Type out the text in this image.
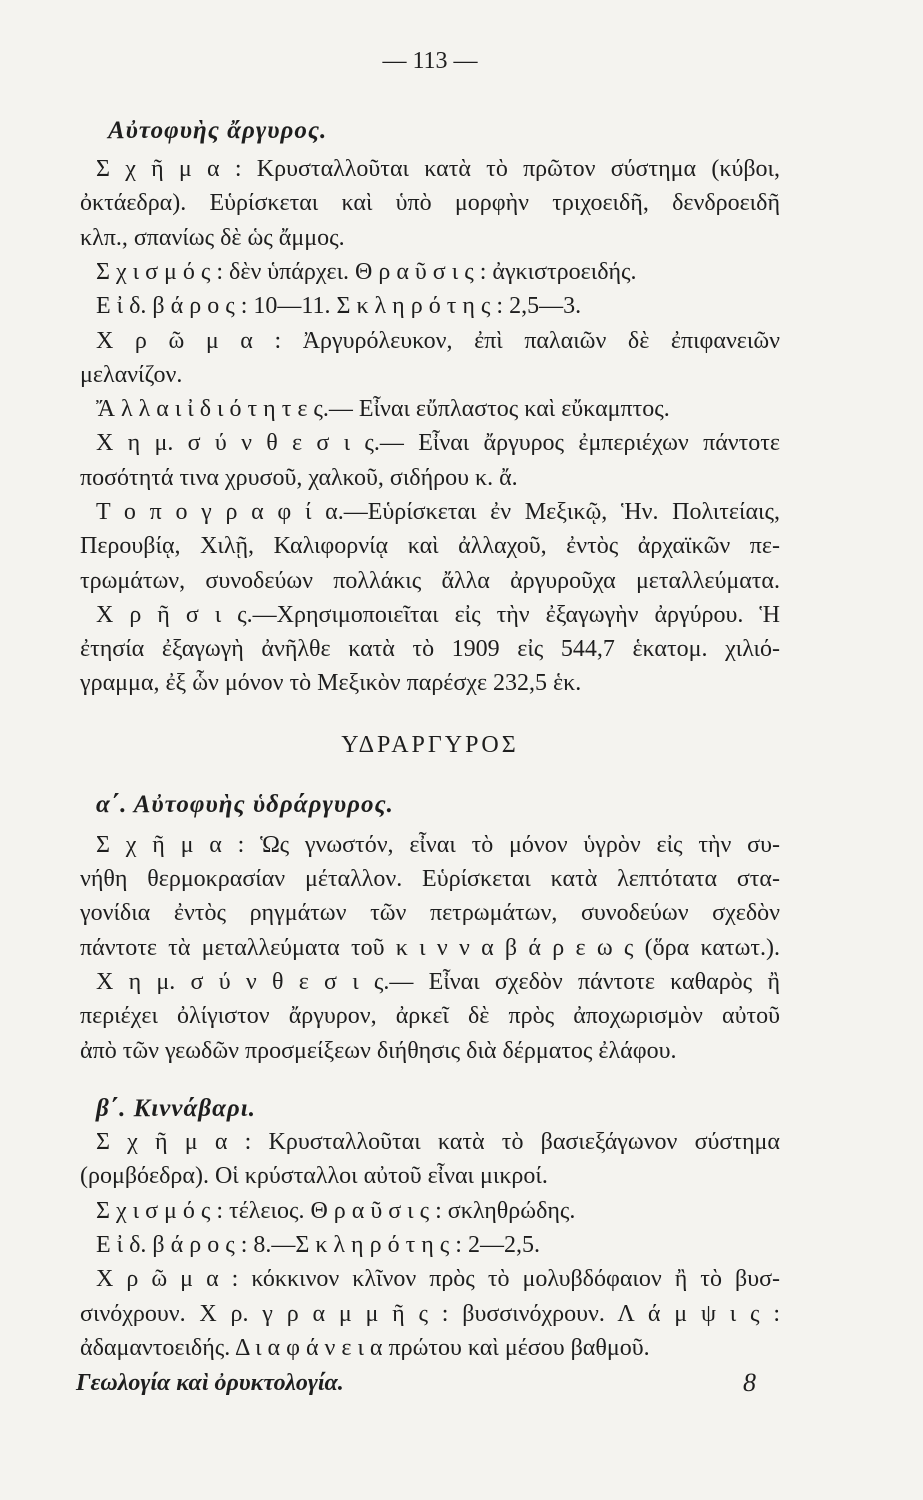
— 113 —
Αὐτοφυὴς ἄργυρος.
Σ χ ῆ μ α : Κρυσταλλοῦται κατὰ τὸ πρῶτον σύστημα (κύβοι,
ὀκτάεδρα). Εὑρίσκεται καὶ ὑπὸ μορφὴν τριχοειδῆ, δενδροειδῆ
κλπ., σπανίως δὲ ὡς ἄμμος.
Σ χ ι σ μ ό ς : δὲν ὑπάρχει. Θ ρ α ῦ σ ι ς : ἀγκιστροειδής.
Ε ἰ δ. β ά ρ ο ς : 10—11. Σ κ λ η ρ ό τ η ς : 2,5—3.
Χ ρ ῶ μ α : Ἀργυρόλευκον, ἐπὶ παλαιῶν δὲ ἐπιφανειῶν
μελανίζον.
Ἄ λ λ α ι ἰ δ ι ό τ η τ ε ς.— Εἶναι εὔπλαστος καὶ εὔκαμπτος.
Χ η μ. σ ύ ν θ ε σ ι ς.— Εἶναι ἄργυρος ἐμπεριέχων πάντοτε
ποσότητά τινα χρυσοῦ, χαλκοῦ, σιδήρου κ. ἄ.
Τ ο π ο γ ρ α φ ί α.—Εὑρίσκεται ἐν Μεξικῷ, Ἡν. Πολιτείαις,
Περουβίᾳ, Χιλῇ, Καλιφορνίᾳ καὶ ἀλλαχοῦ, ἐντὸς ἀρχαϊκῶν πε-
τρωμάτων, συνοδεύων πολλάκις ἄλλα ἀργυροῦχα μεταλλεύματα.
Χ ρ ῆ σ ι ς.—Χρησιμοποιεῖται εἰς τὴν ἐξαγωγὴν ἀργύρου. Ἡ
ἐτησία ἐξαγωγὴ ἀνῆλθε κατὰ τὸ 1909 εἰς 544,7 ἑκατομ. χιλιό-
γραμμα, ἐξ ὧν μόνον τὸ Μεξικὸν παρέσχε 232,5 ἑκ.
ΥΔΡΑΡΓΥΡΟΣ
α΄. Αὐτοφυὴς ὑδράργυρος.
Σ χ ῆ μ α : Ὡς γνωστόν, εἶναι τὸ μόνον ὑγρὸν εἰς τὴν συ-
νήθη θερμοκρασίαν μέταλλον. Εὑρίσκεται κατὰ λεπτότατα στα-
γονίδια ἐντὸς ρηγμάτων τῶν πετρωμάτων, συνοδεύων σχεδὸν
πάντοτε τὰ μεταλλεύματα τοῦ κ ι ν ν α β ά ρ ε ω ς (ὅρα κατωτ.).
Χ η μ. σ ύ ν θ ε σ ι ς.— Εἶναι σχεδὸν πάντοτε καθαρὸς ἢ
περιέχει ὀλίγιστον ἄργυρον, ἀρκεῖ δὲ πρὸς ἀποχωρισμὸν αὐτοῦ
ἀπὸ τῶν γεωδῶν προσμείξεων διήθησις διὰ δέρματος ἐλάφου.
β΄. Κιννάβαρι.
Σ χ ῆ μ α : Κρυσταλλοῦται κατὰ τὸ βασιεξάγωνον σύστημα
(ρομβόεδρα). Οἱ κρύσταλλοι αὐτοῦ εἶναι μικροί.
Σ χ ι σ μ ό ς : τέλειος. Θ ρ α ῦ σ ι ς : σκληθρώδης.
Ε ἰ δ. β ά ρ ο ς : 8.—Σ κ λ η ρ ό τ η ς : 2—2,5.
Χ ρ ῶ μ α : κόκκινον κλῖνον πρὸς τὸ μολυβδόφαιον ἢ τὸ βυσ-
σινόχρουν. Χ ρ. γ ρ α μ μ ῆ ς : βυσσινόχρουν. Λ ά μ ψ ι ς :
ἀδαμαντοειδής. Δ ι α φ ά ν ε ι α πρώτου καὶ μέσου βαθμοῦ.
Γεωλογία καὶ ὀρυκτολογία.	8
